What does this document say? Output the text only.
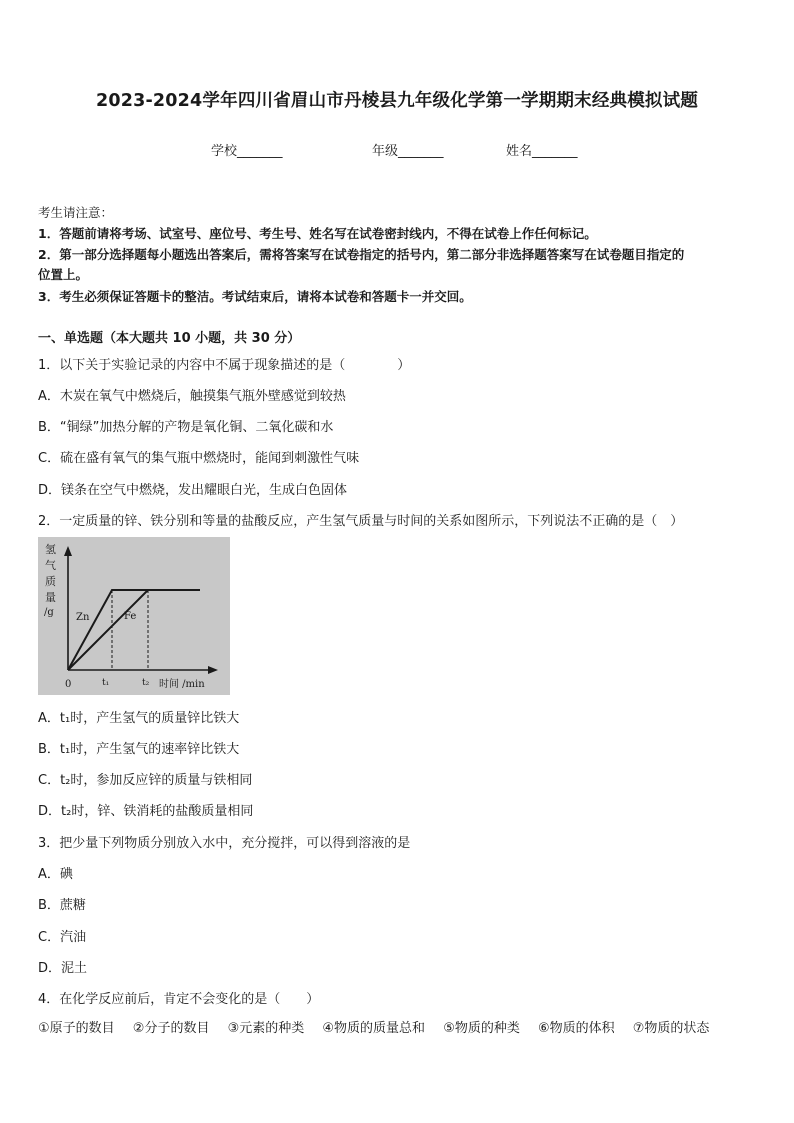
2023-2024学年四川省眉山市丹棱县九年级化学第一学期期末经典模拟试题
学校_______	年级_______	姓名_______
考生请注意：
1．答题前请将考场、试室号、座位号、考生号、姓名写在试卷密封线内，不得在试卷上作任何标记。
2．第一部分选择题每小题选出答案后，需将答案写在试卷指定的括号内，第二部分非选择题答案写在试卷题目指定的
位置上。
3．考生必须保证答题卡的整洁。考试结束后，请将本试卷和答题卡一并交回。
一、单选题（本大题共 10 小题，共 30 分）
1．以下关于实验记录的内容中不属于现象描述的是（　　　　）
A．木炭在氧气中燃烧后，触摸集气瓶外壁感觉到较热
B．“铜绿”加热分解的产物是氧化铜、二氧化碳和水
C．硫在盛有氧气的集气瓶中燃烧时，能闻到刺激性气味
D．镁条在空气中燃烧，发出耀眼白光，生成白色固体
2．一定质量的锌、铁分别和等量的盐酸反应，产生氢气质量与时间的关系如图所示，下列说法不正确的是（　）
氢
气
质
量
/g Zn	Fe
0	t₁	t₂ 时间 /min
A．t₁时，产生氢气的质量锌比铁大
B．t₁时，产生氢气的速率锌比铁大
C．t₂时，参加反应锌的质量与铁相同
D．t₂时，锌、铁消耗的盐酸质量相同
3．把少量下列物质分别放入水中，充分搅拌，可以得到溶液的是
A．碘
B．蔗糖
C．汽油
D．泥土
4．在化学反应前后，肯定不会变化的是（　　）
①原子的数目 ②分子的数目 ③元素的种类 ④物质的质量总和 ⑤物质的种类 ⑥物质的体积 ⑦物质的状态
